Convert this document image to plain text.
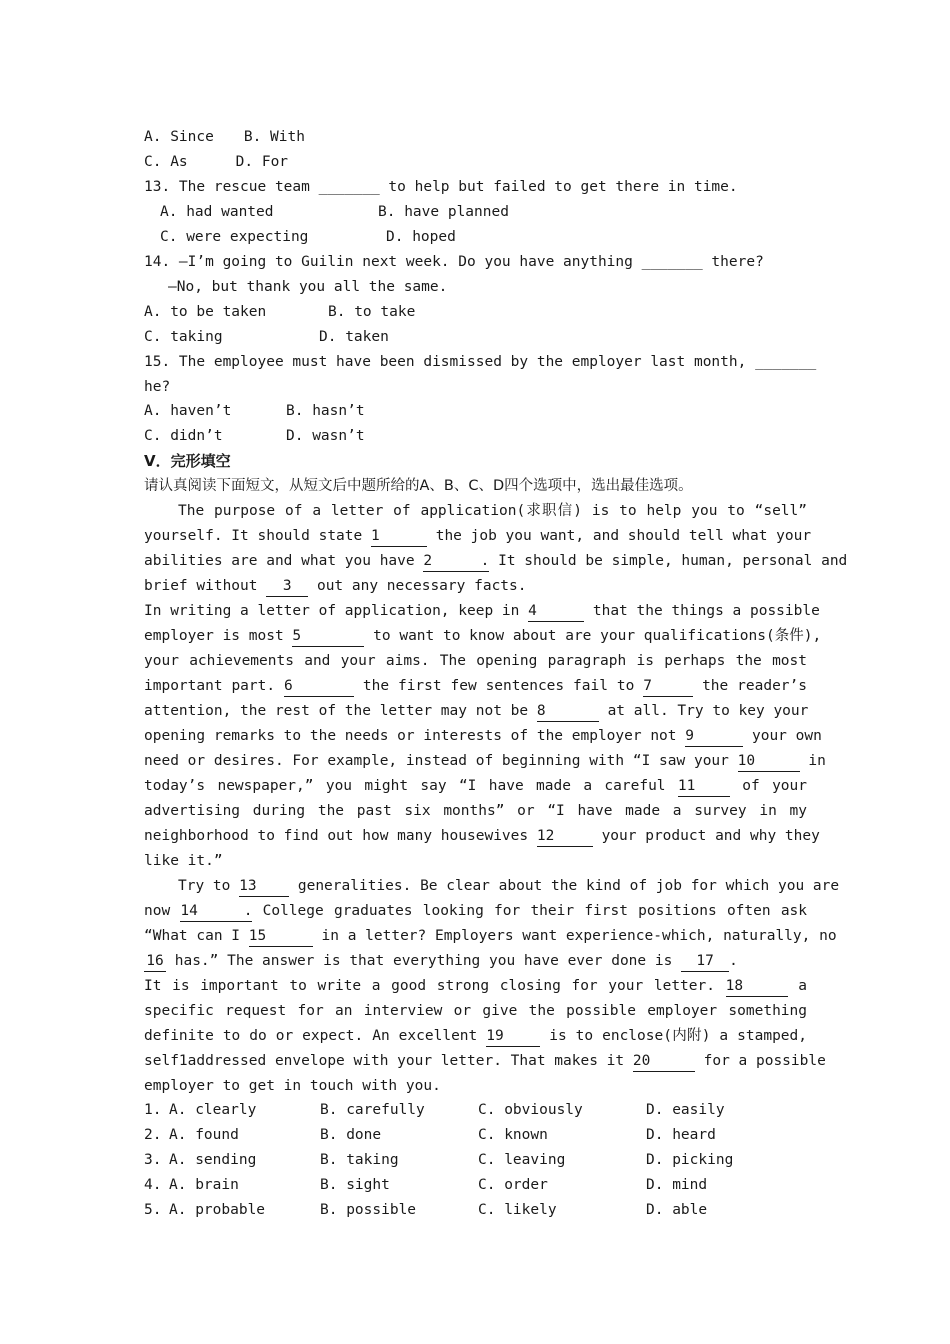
A. Since B. With
C. As	D. For
13. The rescue team _______ to help but failed to get there in time.
A. had wanted	B. have planned
C. were expecting	D. hoped
14. —I’m going to Guilin next week. Do you have anything _______ there?
—No, but thank you all the same.
A. to be taken	B. to take
C. taking	D. taken
15. The employee must have been dismissed by the employer last month, _______
he?
A. haven’t	B. hasn’t
C. didn’t	D. wasn’t
V．完形填空
请认真阅读下面短文，从短文后中题所给的A、B、C、D四个选项中，选出最佳选项。
The purpose of a letter of application(求职信) is to help you to “sell”
yourself. It should state 1	the job you want, and should tell what your
abilities are and what you have 2 . It should be simple, human, personal and
brief without 3 out any necessary facts.
In writing a letter of application, keep in 4	that the things a possible
employer is most 5	to want to know about are your qualifications(条件),
your achievements and your aims. The opening paragraph is perhaps the most
important part. 6	the first few sentences fail to 7	the reader’s
attention, the rest of the letter may not be 8	at all. Try to key your
opening remarks to the needs or interests of the employer not 9	your own
need or desires. For example, instead of beginning with “I saw your 10	in
today’s newspaper,” you might say “I have made a careful 11	of your
advertising during the past six months” or “I have made a survey in my
neighborhood to find out how many housewives 12	your product and why they
like it.”
Try to 13	generalities. Be clear about the kind of job for which you are
now 14 . College graduates looking for their first positions often ask
“What can I 15	in a letter? Employers want experience-which, naturally, no
16 has.” The answer is that everything you have ever done is 17 .
It is important to write a good strong closing for your letter. 18	a
specific request for an interview or give the possible employer something
definite to do or expect. An excellent 19	is to enclose(内附) a stamped,
self1addressed envelope with your letter. That makes it 20	for a possible
employer to get in touch with you.
1. A. clearly	B. carefully	C. obviously	D. easily
2. A. found	B. done	C. known	D. heard
3. A. sending	B. taking	C. leaving	D. picking
4. A. brain	B. sight	C. order	D. mind
5. A. probable	B. possible	C. likely	D. able
